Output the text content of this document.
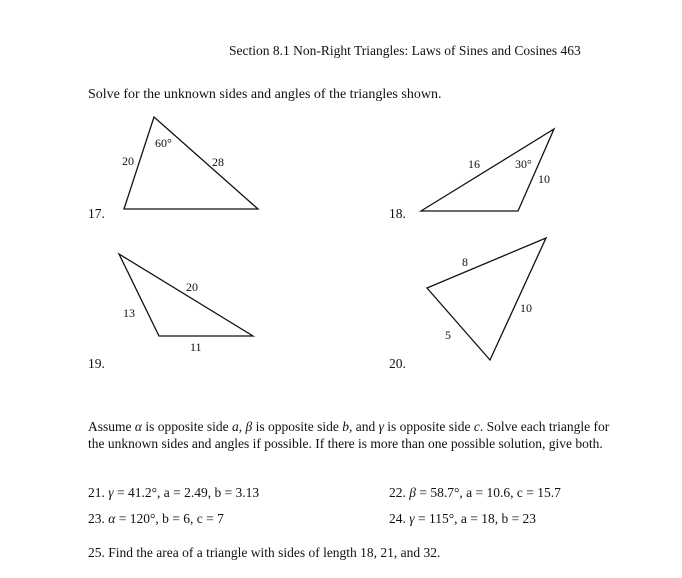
Section 8.1 Non-Right Triangles: Laws of Sines and Cosines 463
Solve for the unknown sides and angles of the triangles shown.
20
60°
28
17.
16	30°
10
18.
20
13
11
19.
8
10
5
20.
Assume α is opposite side a, β is opposite side b, and γ is opposite side c. Solve each triangle for the unknown sides and angles if possible. If there is more than one possible solution, give both.
21. γ = 41.2°, a = 2.49, b = 3.13	22. β = 58.7°, a = 10.6, c = 15.7
23. α = 120°, b = 6, c = 7	24. γ = 115°, a = 18, b = 23
25. Find the area of a triangle with sides of length 18, 21, and 32.
